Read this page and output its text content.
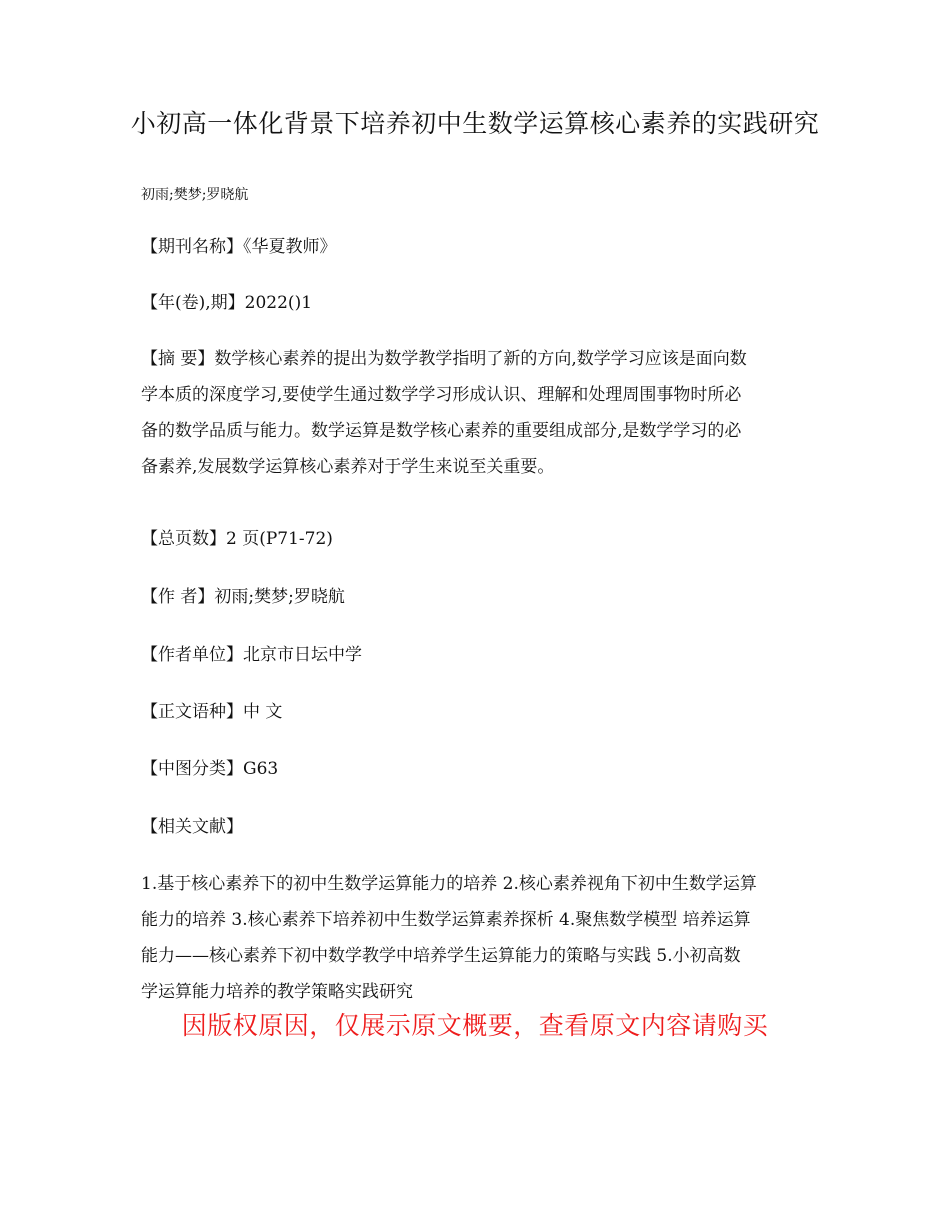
小初高一体化背景下培养初中生数学运算核心素养的实践研究
初雨;樊梦;罗晓航
【期刊名称】《华夏教师》
【年(卷),期】2022()1
【摘 要】数学核心素养的提出为数学教学指明了新的方向,数学学习应该是面向数
学本质的深度学习,要使学生通过数学学习形成认识、理解和处理周围事物时所必
备的数学品质与能力。数学运算是数学核心素养的重要组成部分,是数学学习的必
备素养,发展数学运算核心素养对于学生来说至关重要。
【总页数】2 页(P71-72)
【作 者】初雨;樊梦;罗晓航
【作者单位】北京市日坛中学
【正文语种】中 文
【中图分类】G63
【相关文献】
1.基于核心素养下的初中生数学运算能力的培养 2.核心素养视角下初中生数学运算
能力的培养 3.核心素养下培养初中生数学运算素养探析 4.聚焦数学模型 培养运算
能力——核心素养下初中数学教学中培养学生运算能力的策略与实践 5.小初高数
学运算能力培养的教学策略实践研究
因版权原因，仅展示原文概要，查看原文内容请购买
